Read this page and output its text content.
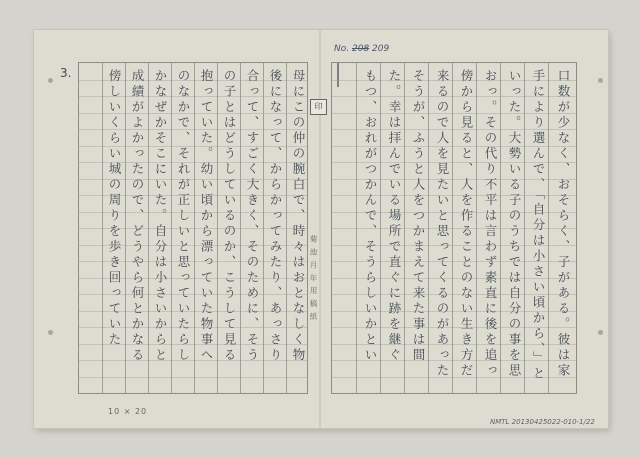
No. 208 209
印
3.	母にこの仲の腕白で、時々はおとなしく物
後になって、からかってみたり、あっさり
合って、すごく大きく、そのために、そう
の子とはどうしているのか、こうして見る
抱っていた。幼い頃から漂っていた物事へ
のなかで、それが正しいと思っていたらし
かなぜかそこにいた。自分は小さいからと
成績がよかったので、どうやら何とかなる
傍しいくらい城の周りを歩き回っていた	口数が少なく、おそらく、子がある。彼は家
手により選んで、「自分は小さい頃から、」と
いった。大勢いる子のうちでは自分の事を思
おっ。その代り不平は言わず素直に後を追っ
傍から見ると、人を作ることのない生き方だ
来るので人を見たいと思ってくるのがあった
そうが、ふうと人をつかまえて来た事は間
た。幸は拝んでいる場所で直ぐに跡を継ぐ
もつ、おれがつかんで、そうらしいかとい
菊 池 月 年 用 稿 紙
10 × 20
NMTL 20130425022-010-1/22
